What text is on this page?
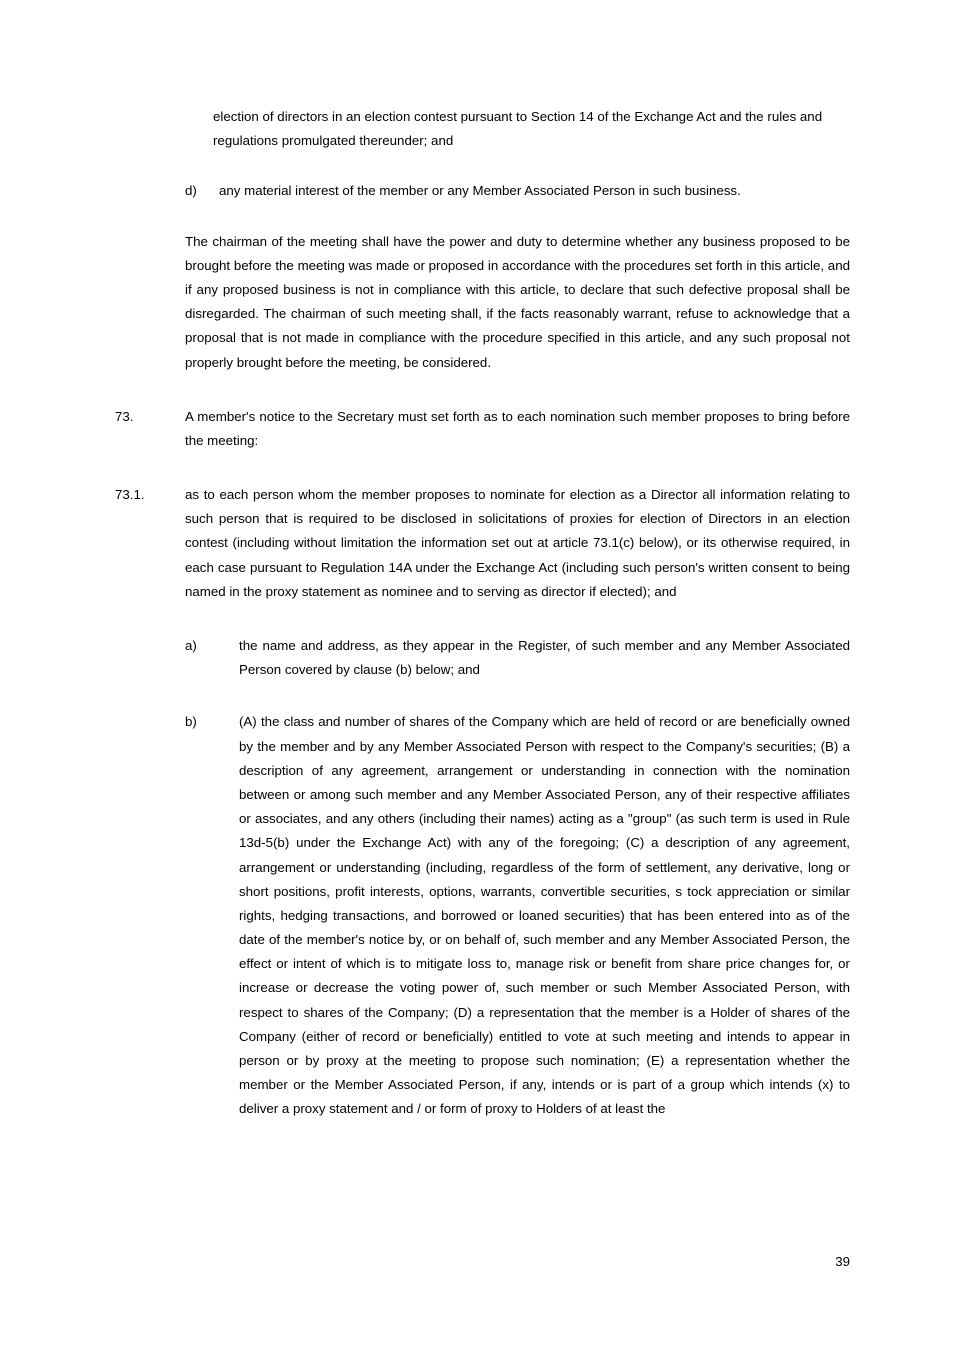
election of directors in an election contest pursuant to Section 14 of the Exchange Act and the rules and regulations promulgated thereunder; and

d)	any material interest of the member or any Member Associated Person in such business.

The chairman of the meeting shall have the power and duty to determine whether any business proposed to be brought before the meeting was made or proposed in accordance with the procedures set forth in this article, and if any proposed business is not in compliance with this article, to declare that such defective proposal shall be disregarded. The chairman of such meeting shall, if the facts reasonably warrant, refuse to acknowledge that a proposal that is not made in compliance with the procedure specified in this article, and any such proposal not properly brought before the meeting, be considered.

73.	A member's notice to the Secretary must set forth as to each nomination such member proposes to bring before the meeting:
73.1.	as to each person whom the member proposes to nominate for election as a Director all information relating to such person that is required to be disclosed in solicitations of proxies for election of Directors in an election contest (including without limitation the information set out at article 73.1(c) below), or its otherwise required, in each case pursuant to Regulation 14A under the Exchange Act (including such person's written consent to being named in the proxy statement as nominee and to serving as director if elected); and
a)	the name and address, as they appear in the Register, of such member and any Member Associated Person covered by clause (b) below; and
b)	(A) the class and number of shares of the Company which are held of record or are beneficially owned by the member and by any Member Associated Person with respect to the Company's securities; (B) a description of any agreement, arrangement or understanding in connection with the nomination between or among such member and any Member Associated Person, any of their respective affiliates or associates, and any others (including their names) acting as a "group" (as such term is used in Rule 13d-5(b) under the Exchange Act) with any of the foregoing; (C) a description of any agreement, arrangement or understanding (including, regardless of the form of settlement, any derivative, long or short positions, profit interests, options, warrants, convertible securities, s tock appreciation or similar rights, hedging transactions, and borrowed or loaned securities) that has been entered into as of the date of the member's notice by, or on behalf of, such member and any Member Associated Person, the effect or intent of which is to mitigate loss to, manage risk or benefit from share price changes for, or increase or decrease the voting power of, such member or such Member Associated Person, with respect to shares of the Company; (D) a representation that the member is a Holder of shares of the Company (either of record or beneficially) entitled to vote at such meeting and intends to appear in person or by proxy at the meeting to propose such nomination; (E) a representation whether the member or the Member Associated Person, if any, intends or is part of a group which intends (x) to deliver a proxy statement and / or form of proxy to Holders of at least the
39
